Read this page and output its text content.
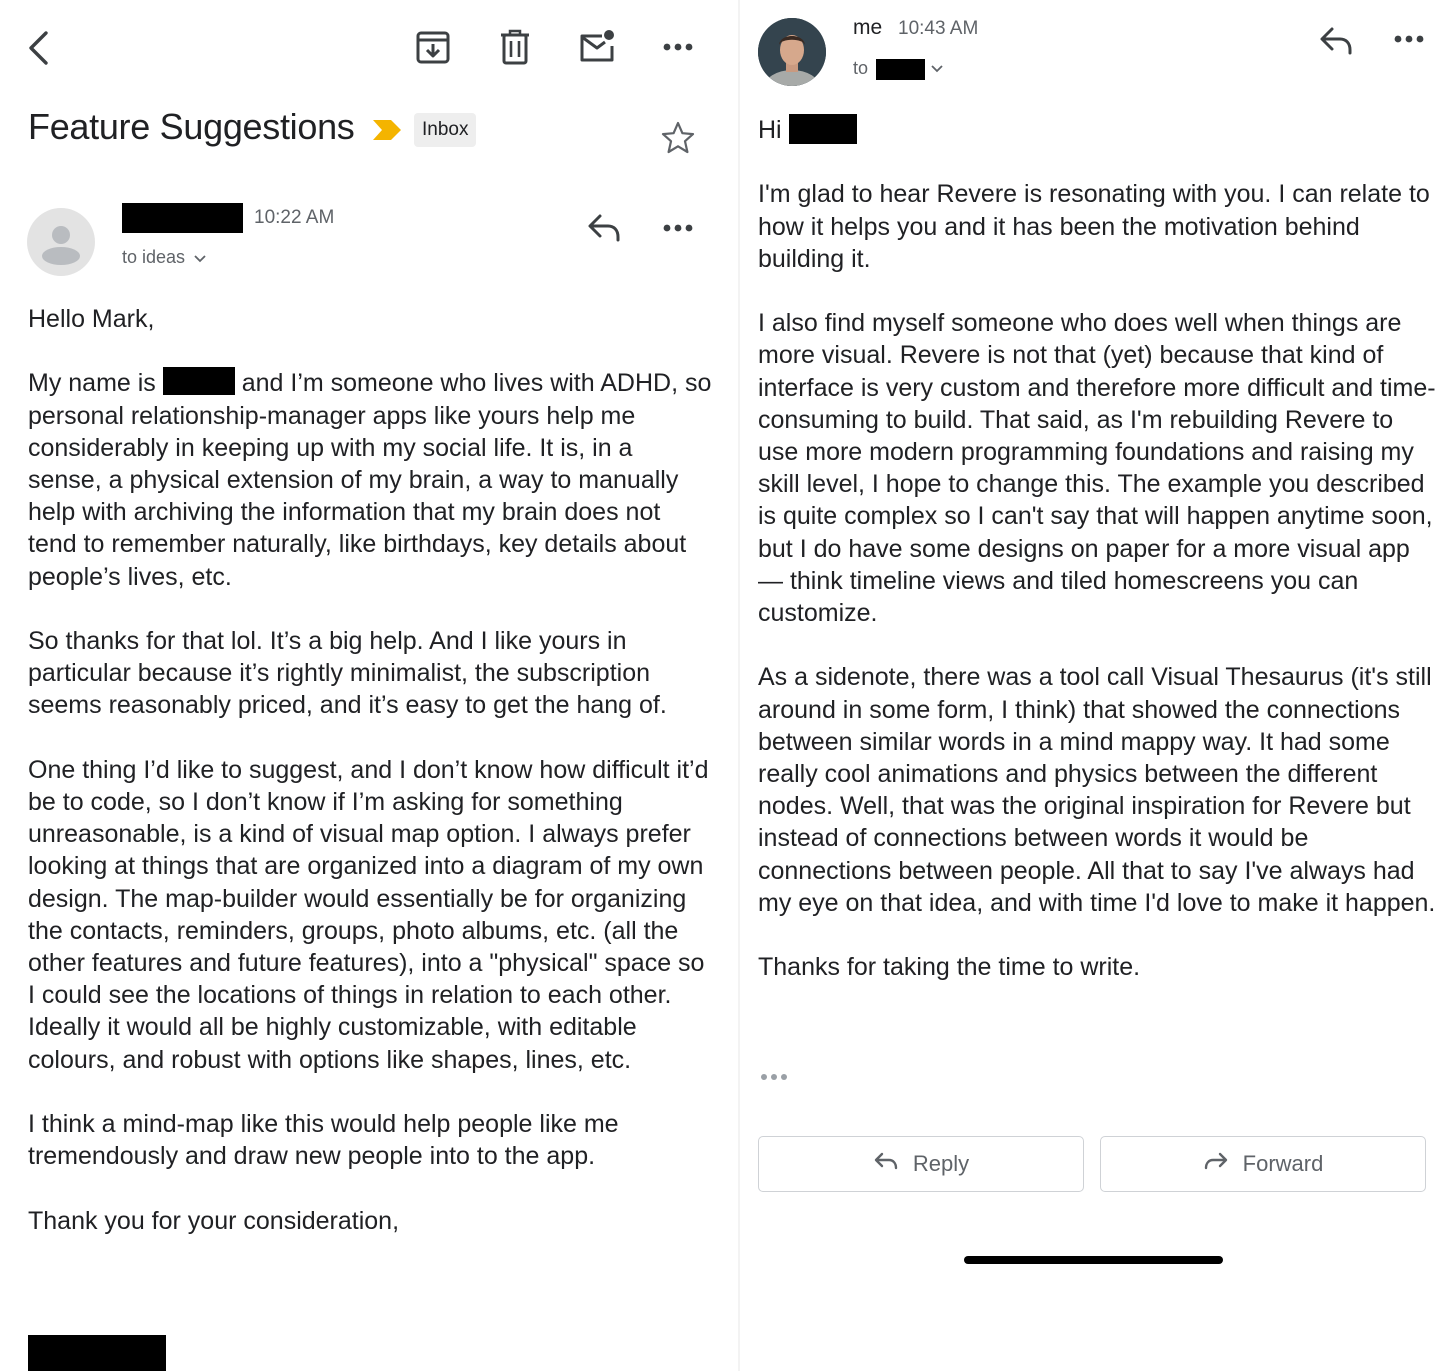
Feature Suggestions	Inbox
10:22 AM
to ideas

Hello Mark,

My name is	and I’m someone who lives with ADHD, so personal relationship-manager apps like yours help me considerably in keeping up with my social life. It is, in a sense, a physical extension of my brain, a way to manually help with archiving the information that my brain does not tend to remember naturally, like birthdays, key details about people’s lives, etc.

So thanks for that lol. It’s a big help. And I like yours in particular because it’s rightly minimalist, the subscription seems reasonably priced, and it’s easy to get the hang of.

One thing I’d like to suggest, and I don’t know how difficult it’d be to code, so I don’t know if I’m asking for something unreasonable, is a kind of visual map option. I always prefer looking at things that are organized into a diagram of my own design. The map-builder would essentially be for organizing the contacts, reminders, groups, photo albums, etc. (all the other features and future features), into a "physical" space so I could see the locations of things in relation to each other. Ideally it would all be highly customizable, with editable colours, and robust with options like shapes, lines, etc.

I think a mind-map like this would help people like me tremendously and draw new people into to the app.

Thank you for your consideration,

me 10:43 AM
to

Hi

I'm glad to hear Revere is resonating with you. I can relate to how it helps you and it has been the motivation behind building it.

I also find myself someone who does well when things are more visual. Revere is not that (yet) because that kind of interface is very custom and therefore more difficult and time-consuming to build. That said, as I'm rebuilding Revere to use more modern programming foundations and raising my skill level, I hope to change this. The example you described is quite complex so I can't say that will happen anytime soon, but I do have some designs on paper for a more visual app — think timeline views and tiled homescreens you can customize.

As a sidenote, there was a tool call Visual Thesaurus (it's still around in some form, I think) that showed the connections between similar words in a mind mappy way. It had some really cool animations and physics between the different nodes. Well, that was the original inspiration for Revere but instead of connections between words it would be connections between people. All that to say I've always had my eye on that idea, and with time I'd love to make it happen.

Thanks for taking the time to write.

Reply	Forward
